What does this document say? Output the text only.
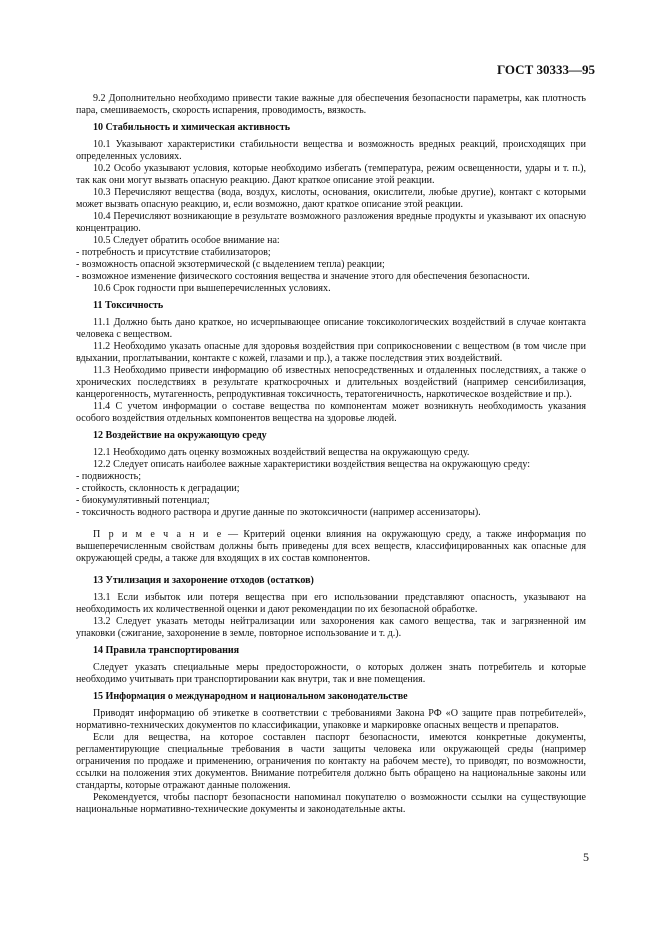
ГОСТ 30333—95

9.2 Дополнительно необходимо привести такие важные для обеспечения безопасности параметры, как плотность пара, смешиваемость, скорость испарения, проводимость, вязкость.

10 Стабильность и химическая активность

10.1 Указывают характеристики стабильности вещества и возможность вредных реакций, происходящих при определенных условиях.

10.2 Особо указывают условия, которые необходимо избегать (температура, режим освещенности, удары и т. п.), так как они могут вызвать опасную реакцию. Дают краткое описание этой реакции.

10.3 Перечисляют вещества (вода, воздух, кислоты, основания, окислители, любые другие), контакт с которыми может вызвать опасную реакцию, и, если возможно, дают краткое описание этой реакции.

10.4 Перечисляют возникающие в результате возможного разложения вредные продукты и указывают их опасную концентрацию.

10.5 Следует обратить особое внимание на:

- потребность и присутствие стабилизаторов;

- возможность опасной экзотермической (с выделением тепла) реакции;

- возможное изменение физического состояния вещества и значение этого для обеспечения безопасности.

10.6 Срок годности при вышеперечисленных условиях.

11 Токсичность

11.1 Должно быть дано краткое, но исчерпывающее описание токсикологических воздействий в случае контакта человека с веществом.

11.2 Необходимо указать опасные для здоровья воздействия при соприкосновении с веществом (в том числе при вдыхании, проглатывании, контакте с кожей, глазами и пр.), а также последствия этих воздействий.

11.3 Необходимо привести информацию об известных непосредственных и отдаленных последствиях, а также о хронических последствиях в результате краткосрочных и длительных воздействий (например сенсибилизация, канцерогенность, мутагенность, репродуктивная токсичность, тератогеничность, наркотическое воздействие и пр.).

11.4 С учетом информации о составе вещества по компонентам может возникнуть необходимость указания особого воздействия отдельных компонентов вещества на здоровье людей.

12 Воздействие на окружающую среду

12.1 Необходимо дать оценку возможных воздействий вещества на окружающую среду.

12.2 Следует описать наиболее важные характеристики воздействия вещества на окружающую среду:

- подвижность;

- стойкость, склонность к деградации;

- биокумулятивный потенциал;

- токсичность водного раствора и другие данные по экотоксичности (например ассенизаторы).

П р и м е ч а н и е — Критерий оценки влияния на окружающую среду, а также информация по вышеперечисленным свойствам должны быть приведены для всех веществ, классифицированных как опасные для окружающей среды, а также для входящих в их состав компонентов.

13 Утилизация и захоронение отходов (остатков)

13.1 Если избыток или потеря вещества при его использовании представляют опасность, указывают на необходимость их количественной оценки и дают рекомендации по их безопасной обработке.

13.2 Следует указать методы нейтрализации или захоронения как самого вещества, так и загрязненной им упаковки (сжигание, захоронение в земле, повторное использование и т. д.).

14 Правила транспортирования

Следует указать специальные меры предосторожности, о которых должен знать потребитель и которые необходимо учитывать при транспортировании как внутри, так и вне помещения.

15 Информация о международном и национальном законодательстве

Приводят информацию об этикетке в соответствии с требованиями Закона РФ «О защите прав потребителей», нормативно-технических документов по классификации, упаковке и маркировке опасных веществ и препаратов.

Если для вещества, на которое составлен паспорт безопасности, имеются конкретные документы, регламентирующие специальные требования в части защиты человека или окружающей среды (например ограничения по продаже и применению, ограничения по контакту на рабочем месте), то приводят, по возможности, ссылки на положения этих документов. Внимание потребителя должно быть обращено на национальные законы или стандарты, которые отражают данные положения.

Рекомендуется, чтобы паспорт безопасности напоминал покупателю о возможности ссылки на существующие национальные нормативно-технические документы и законодательные акты.

5
